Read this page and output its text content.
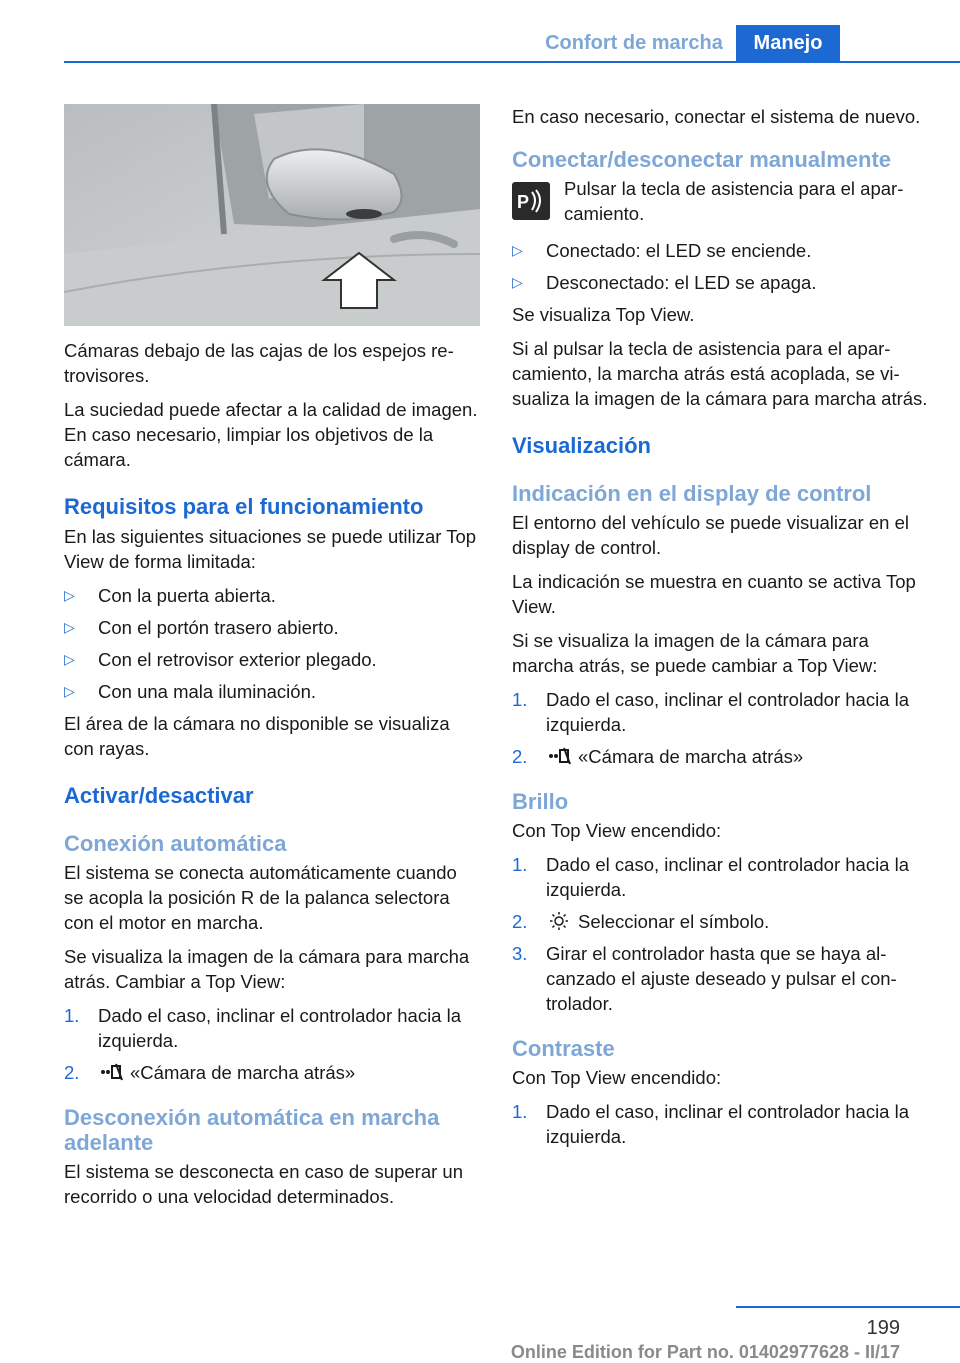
Confort de marcha	Manejo

Cámaras debajo de las cajas de los espejos retrovisores.

La suciedad puede afectar a la calidad de imagen. En caso necesario, limpiar los objetivos de la cámara.

Requisitos para el funcionamiento

En las siguientes situaciones se puede utilizar Top View de forma limitada:

▷ Con la puerta abierta.
▷ Con el portón trasero abierto.
▷ Con el retrovisor exterior plegado.
▷ Con una mala iluminación.

El área de la cámara no disponible se visualiza con rayas.

Activar/desactivar
Conexión automática

El sistema se conecta automáticamente cuando se acopla la posición R de la palanca selectora con el motor en marcha.

Se visualiza la imagen de la cámara para marcha atrás. Cambiar a Top View:

1. Dado el caso, inclinar el controlador hacia la izquierda.
2.	«Cámara de marcha atrás»
Desconexión automática en marcha adelante

El sistema se desconecta en caso de superar un recorrido o una velocidad determinados.

En caso necesario, conectar el sistema de nuevo.

Conectar/desconectar manualmente
P
Pulsar la tecla de asistencia para el aparcamiento.
▷ Conectado: el LED se enciende.
▷ Desconectado: el LED se apaga.

Se visualiza Top View.

Si al pulsar la tecla de asistencia para el aparcamiento, la marcha atrás está acoplada, se visualiza la imagen de la cámara para marcha atrás.

Visualización
Indicación en el display de control

El entorno del vehículo se puede visualizar en el display de control.

La indicación se muestra en cuanto se activa Top View.

Si se visualiza la imagen de la cámara para marcha atrás, se puede cambiar a Top View:

1. Dado el caso, inclinar el controlador hacia la izquierda.
2.	«Cámara de marcha atrás»
Brillo

Con Top View encendido:

1. Dado el caso, inclinar el controlador hacia la izquierda.
2.	Seleccionar el símbolo.
3. Girar el controlador hasta que se haya alcanzado el ajuste deseado y pulsar el controlador.
Contraste

Con Top View encendido:

1. Dado el caso, inclinar el controlador hacia la izquierda.
199
Online Edition for Part no. 01402977628 - II/17
